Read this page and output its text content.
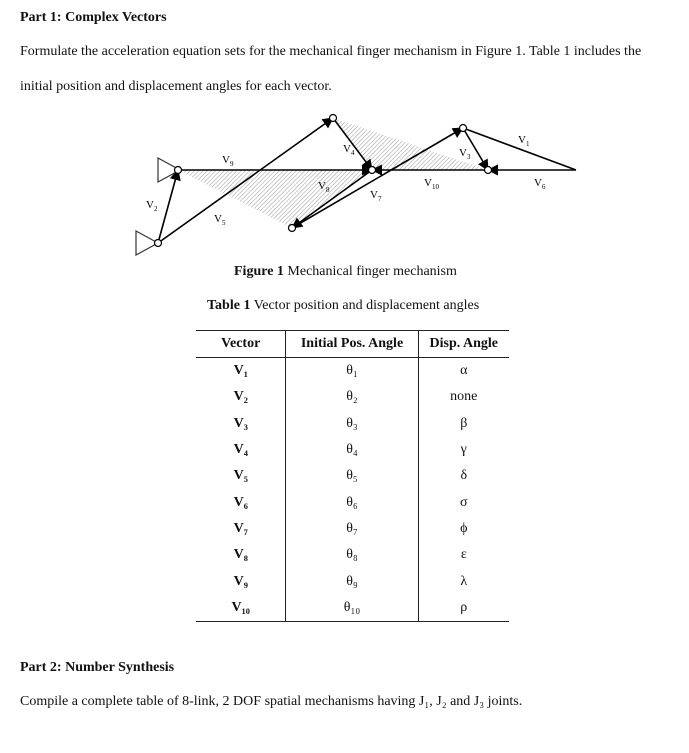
Part 1: Complex Vectors
Formulate the acceleration equation sets for the mechanical finger mechanism in Figure 1. Table 1 includes the
initial position and displacement angles for each vector.
$V_9$
$V_2$
$V_5$
$V_4$
$V_8$	$V_7$
$V_{10}$
$V_3$
$V_1$
$V_6$
Figure 1 Mechanical finger mechanism
Table 1 Vector position and displacement angles
Vector	Initial Pos. Angle	Disp. Angle
V₁	θ₁	α
V₂	θ₂	none
V₃	θ₃	β
V₄	θ₄	γ
V₅	θ₅	δ
V₆	θ₆	σ
V₇	θ₇	ϕ
V₈	θ₈	ε
V₉	θ₉	λ
V₁₀	θ₁₀	ρ
Part 2: Number Synthesis
Compile a complete table of 8-link, 2 DOF spatial mechanisms having J₁, J₂ and J₃ joints.
